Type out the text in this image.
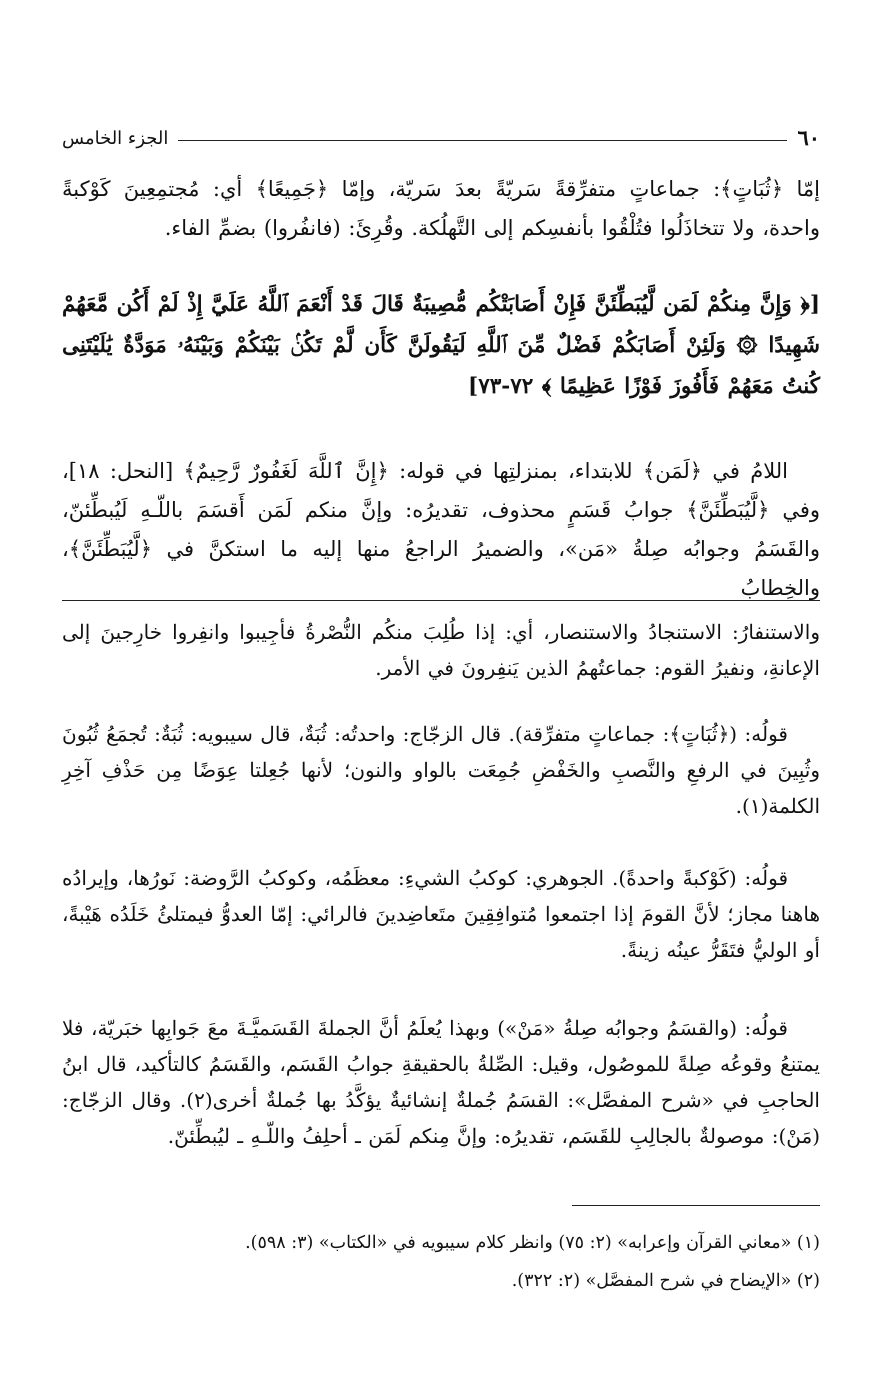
٦٠
الجزء الخامس

إمّا ﴿ثُبَاتٍ﴾: جماعاتٍ متفرِّقةً سَريّةً بعدَ سَريّة، وإمّا ﴿جَمِيعًا﴾ أي: مُجتمِعِينَ كَوْكبةً واحدة، ولا تتخاذَلُوا فتُلْقُوا بأنفسِكم إلى التَّهلُكة. وقُرِئَ: (فانفُروا) بضمِّ الفاء.

[﴿ وَإِنَّ مِنكُمْ لَمَن لَّيُبَطِّئَنَّ فَإِنْ أَصَابَتْكُم مُّصِيبَةٌ قَالَ قَدْ أَنْعَمَ ٱللَّهُ عَلَيَّ إِذْ لَمْ أَكُن مَّعَهُمْ شَهِيدًا ۞ وَلَئِنْ أَصَابَكُمْ فَضْلٌ مِّنَ ٱللَّهِ لَيَقُولَنَّ كَأَن لَّمْ تَكُنۢ بَيْنَكُمْ وَبَيْنَهُۥ مَوَدَّةٌ يَٰلَيْتَنِى كُنتُ مَعَهُمْ فَأَفُوزَ فَوْزًا عَظِيمًا ﴾ ٧٢-٧٣]

اللامُ في ﴿لَمَن﴾ للابتداء، بمنزلتِها في قوله: ﴿إِنَّ ٱللَّهَ لَغَفُورٌ رَّحِيمٌ﴾ [النحل: ١٨]، وفي ﴿لَّيُبَطِّئَنَّ﴾ جوابُ قَسَمٍ محذوف، تقديرُه: وإنَّ منكم لَمَن أَقسَمَ باللّـهِ لَيُبطِّئنّ، والقَسَمُ وجوابُه صِلةُ «مَن»، والضميرُ الراجعُ منها إليه ما استكنَّ في ﴿لَّيُبَطِّئَنَّ﴾، والخِطابُ

والاستنفارُ: الاستنجادُ والاستنصار، أي: إذا طُلِبَ منكُم النُّصْرةُ فأجِيبوا وانفِروا خارِجينَ إلى الإعانةِ، ونفيرُ القوم: جماعتُهمُ الذين يَنفِرونَ في الأمر.

قولُه: (﴿ثُبَاتٍ﴾: جماعاتٍ متفرِّقة). قال الزجّاج: واحدتُه: ثُبَةٌ، قال سيبويه: ثُبَةٌ: تُجمَعُ ثُبُونَ وثُبِينَ في الرفعِ والنَّصبِ والخَفْضِ جُمِعَت بالواو والنون؛ لأنها جُعِلتا عِوَضًا مِن حَذْفِ آخِرِ الكلمة(١).

قولُه: (كَوْكبةً واحدةً). الجوهري: كوكبُ الشيءِ: معظَمُه، وكوكبُ الرَّوضة: نَورُها، وإيرادُه هاهنا مجاز؛ لأنَّ القومَ إذا اجتمعوا مُتوافِقِينَ متَعاضِدينَ فالرائي: إمّا العدوُّ فيمتلئُ خَلَدُه هَيْبةً، أو الوليُّ فتَقَرُّ عينُه زينةً.

قولُه: (والقسَمُ وجوابُه صِلةُ «مَنْ») وبهذا يُعلَمُ أنَّ الجملةَ القَسَميَّـةَ معَ جَوابِها خبَريّة، فلا يمتنعُ وقوعُه صِلةً للموصُول، وقيل: الصِّلةُ بالحقيقةِ جوابُ القَسَم، والقَسَمُ كالتأكيد، قال ابنُ الحاجبِ في «شرح المفصَّل»: القسَمُ جُملةٌ إنشائيةٌ يؤكَّدُ بها جُملةٌ أخرى(٢). وقال الزجّاج: (مَنْ): موصولةٌ بالجالِبِ للقَسَم، تقديرُه: وإنَّ مِنكم لَمَن ـ أحلِفُ واللّـهِ ـ ليُبطِّئنّ.

(١) «معاني القرآن وإعرابه» (٢: ٧٥) وانظر كلام سيبويه في «الكتاب» (٣: ٥٩٨).
(٢) «الإيضاح في شرح المفصَّل» (٢: ٣٢٢).
